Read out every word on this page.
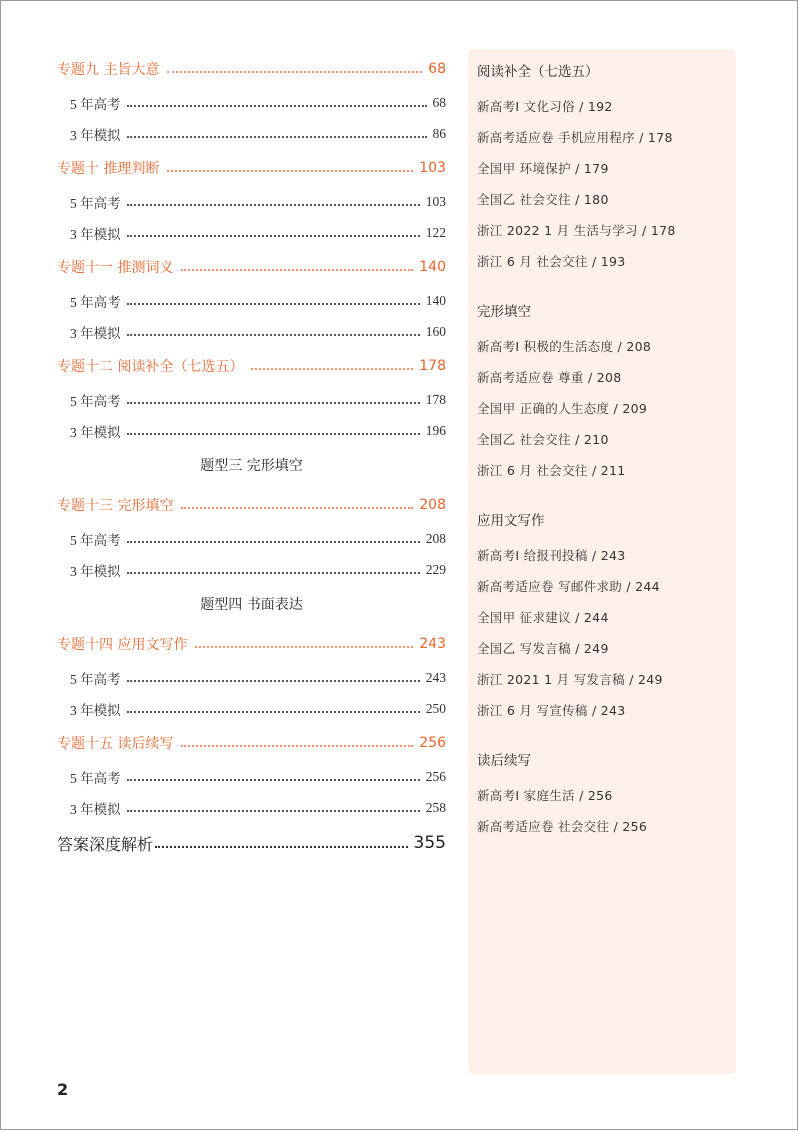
专题九 主旨大意	68
5 年高考	68
3 年模拟	86
专题十 推理判断	103
5 年高考	103
3 年模拟	122
专题十一 推测词义	140
5 年高考	140
3 年模拟	160
专题十二 阅读补全（七选五）	178
5 年高考	178
3 年模拟	196
题型三 完形填空
专题十三 完形填空	208
5 年高考	208
3 年模拟	229
题型四 书面表达
专题十四 应用文写作	243
5 年高考	243
3 年模拟	250
专题十五 读后续写	256
5 年高考	256
3 年模拟	258
答案深度解析	355
阅读补全（七选五）
新高考Ⅰ 文化习俗 / 192
新高考适应卷 手机应用程序 / 178
全国甲 环境保护 / 179
全国乙 社会交往 / 180
浙江 2022 1 月 生活与学习 / 178
浙江 6 月 社会交往 / 193
完形填空
新高考Ⅰ 积极的生活态度 / 208
新高考适应卷 尊重 / 208
全国甲 正确的人生态度 / 209
全国乙 社会交往 / 210
浙江 6 月 社会交往 / 211
应用文写作
新高考Ⅰ 给报刊投稿 / 243
新高考适应卷 写邮件求助 / 244
全国甲 征求建议 / 244
全国乙 写发言稿 / 249
浙江 2021 1 月 写发言稿 / 249
浙江 6 月 写宣传稿 / 243
读后续写
新高考Ⅰ 家庭生活 / 256
新高考适应卷 社会交往 / 256
2
